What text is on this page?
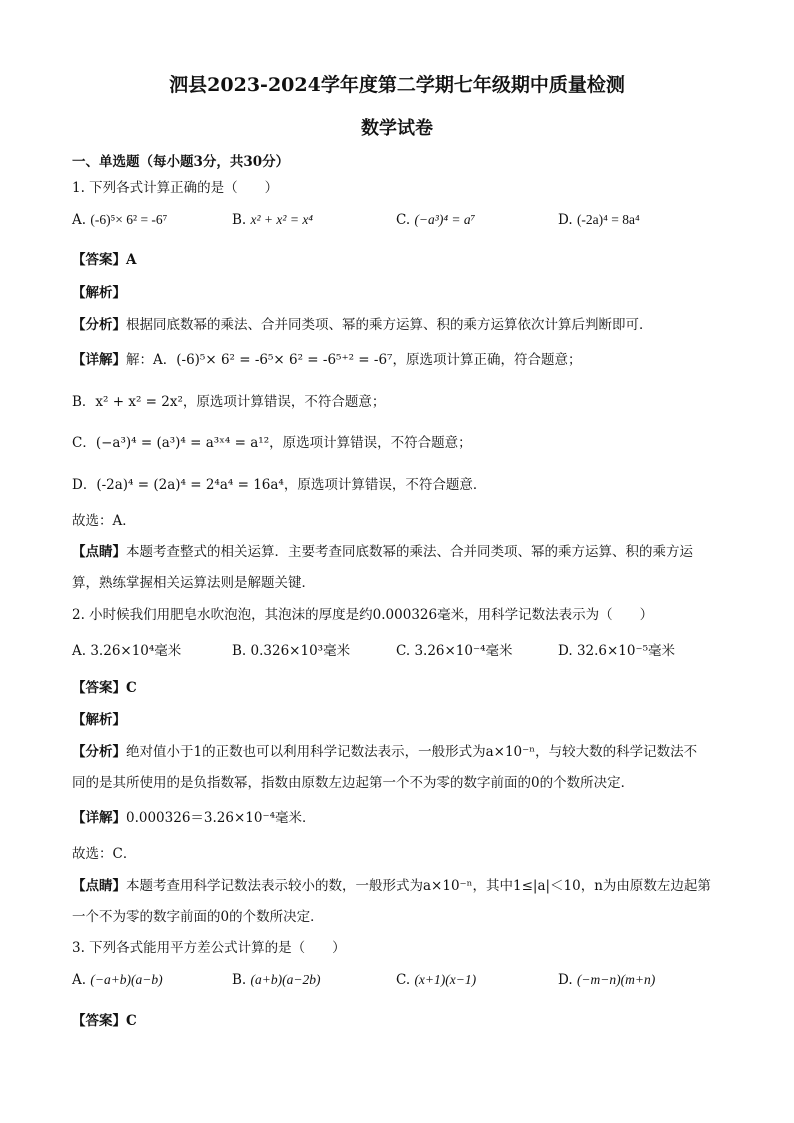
泗县2023-2024学年度第二学期七年级期中质量检测
数学试卷
一、单选题（每小题3分，共30分）
1. 下列各式计算正确的是（　　）
A. (-6)⁵× 6² = -6⁷	B. x² + x² = x⁴	C. (−a³)⁴ = a⁷	D. (-2a)⁴ = 8a⁴
【答案】A
【解析】
【分析】根据同底数幂的乘法、合并同类项、幂的乘方运算、积的乘方运算依次计算后判断即可．
【详解】解：A．(-6)⁵× 6² = -6⁵× 6² = -6⁵⁺² = -6⁷，原选项计算正确，符合题意；
B．x² + x² = 2x²，原选项计算错误，不符合题意；
C．(−a³)⁴ = (a³)⁴ = a³ˣ⁴ = a¹²，原选项计算错误，不符合题意；
D．(-2a)⁴ = (2a)⁴ = 2⁴a⁴ = 16a⁴，原选项计算错误，不符合题意．
故选：A．
【点睛】本题考查整式的相关运算．主要考查同底数幂的乘法、合并同类项、幂的乘方运算、积的乘方运
算，熟练掌握相关运算法则是解题关键．
2. 小时候我们用肥皂水吹泡泡，其泡沫的厚度是约0.000326毫米，用科学记数法表示为（　　）
A. 3.26×10⁴毫米	B. 0.326×10³毫米	C. 3.26×10⁻⁴毫米	D. 32.6×10⁻⁵毫米
【答案】C
【解析】
【分析】绝对值小于1的正数也可以利用科学记数法表示，一般形式为a×10⁻ⁿ，与较大数的科学记数法不
同的是其所使用的是负指数幂，指数由原数左边起第一个不为零的数字前面的0的个数所决定．
【详解】0.000326＝3.26×10⁻⁴毫米．
故选：C．
【点睛】本题考查用科学记数法表示较小的数，一般形式为a×10⁻ⁿ，其中1≤|a|＜10，n为由原数左边起第
一个不为零的数字前面的0的个数所决定．
3. 下列各式能用平方差公式计算的是（　　）
A. (−a+b)(a−b)	B. (a+b)(a−2b)	C. (x+1)(x−1)	D. (−m−n)(m+n)
【答案】C
